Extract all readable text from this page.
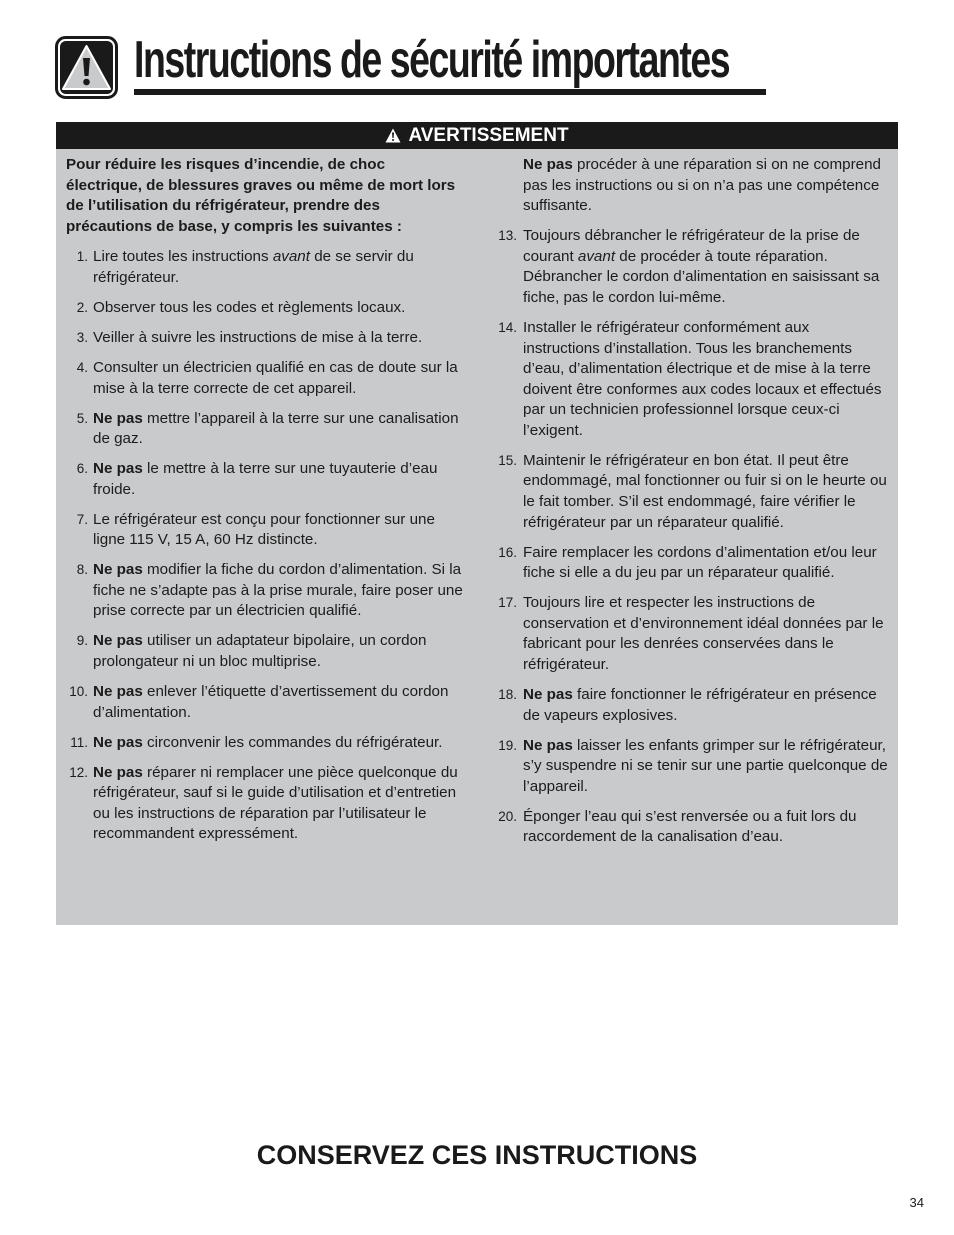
Instructions de sécurité importantes
AVERTISSEMENT

Pour réduire les risques d’incendie, de choc électrique, de blessures graves ou même de mort lors de l’utilisation du réfrigérateur, prendre des précautions de base, y compris les suivantes :

1. Lire toutes les instructions avant de se servir du réfrigérateur.

2. Observer tous les codes et règlements locaux.

3. Veiller à suivre les instructions de mise à la terre.

4. Consulter un électricien qualifié en cas de doute sur la mise à la terre correcte de cet appareil.

5. Ne pas mettre l’appareil à la terre sur une canalisation de gaz.

6. Ne pas le mettre à la terre sur une tuyauterie d’eau froide.

7. Le réfrigérateur est conçu pour fonctionner sur une ligne 115 V, 15 A, 60 Hz distincte.

8. Ne pas modifier la fiche du cordon d’alimentation. Si la fiche ne s’adapte pas à la prise murale, faire poser une prise correcte par un électricien qualifié.

9. Ne pas utiliser un adaptateur bipolaire, un cordon prolongateur ni un bloc multiprise.

10. Ne pas enlever l’étiquette d’avertissement du cordon d’alimentation.

11. Ne pas circonvenir les commandes du réfrigérateur.

12. Ne pas réparer ni remplacer une pièce quelconque du réfrigérateur, sauf si le guide d’utilisation et d’entretien ou les instructions de réparation par l’utilisateur le recommandent expressément.

Ne pas procéder à une réparation si on ne comprend pas les instructions ou si on n’a pas une compétence suffisante.

13. Toujours débrancher le réfrigérateur de la prise de courant avant de procéder à toute réparation. Débrancher le cordon d’alimentation en saisissant sa fiche, pas le cordon lui-même.

14. Installer le réfrigérateur conformément aux instructions d’installation. Tous les branchements d’eau, d’alimentation électrique et de mise à la terre doivent être conformes aux codes locaux et effectués par un technicien professionnel lorsque ceux-ci l’exigent.

15. Maintenir le réfrigérateur en bon état. Il peut être endommagé, mal fonctionner ou fuir si on le heurte ou le fait tomber. S’il est endommagé, faire vérifier le réfrigérateur par un réparateur qualifié.

16. Faire remplacer les cordons d’alimentation et/ou leur fiche si elle a du jeu par un réparateur qualifié.

17. Toujours lire et respecter les instructions de conservation et d’environnement idéal données par le fabricant pour les denrées conservées dans le réfrigérateur.

18. Ne pas faire fonctionner le réfrigérateur en présence de vapeurs explosives.

19. Ne pas laisser les enfants grimper sur le réfrigérateur, s’y suspendre ni se tenir sur une partie quelconque de l’appareil.

20. Éponger l’eau qui s’est renversée ou a fuit lors du raccordement de la canalisation d’eau.

CONSERVEZ CES INSTRUCTIONS
34
